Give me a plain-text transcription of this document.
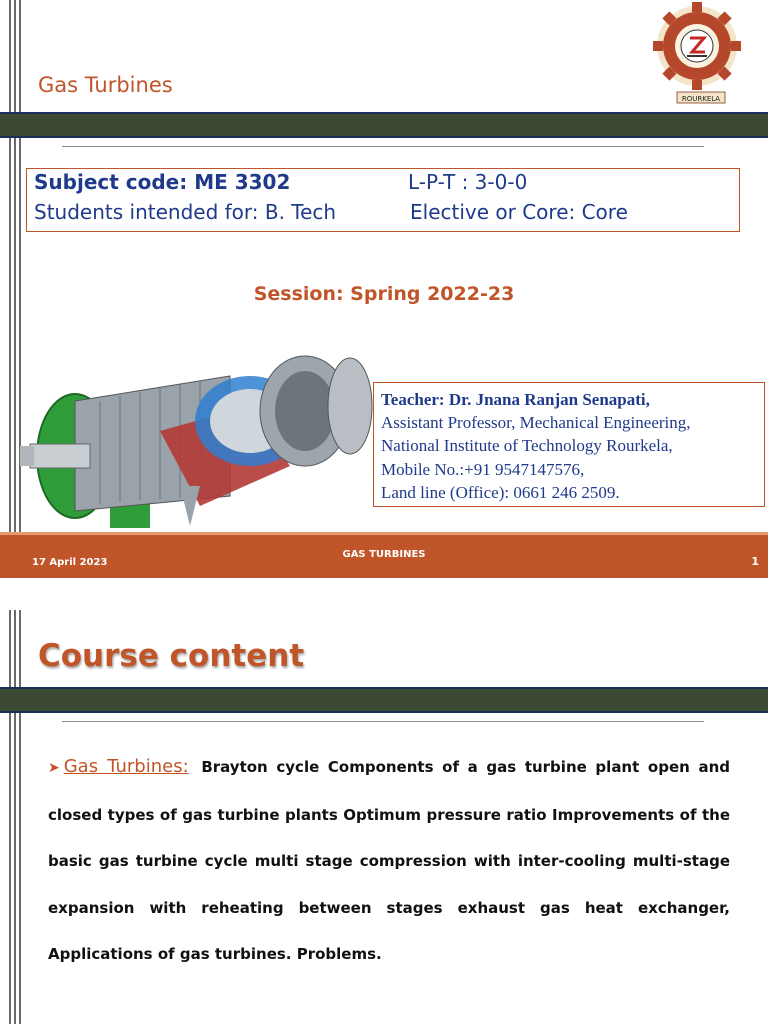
Gas Turbines
ROURKELA
Subject code: ME 3302	L-P-T : 3-0-0
Students intended for: B. Tech	Elective or Core: Core
Session: Spring 2022-23
Teacher: Dr. Jnana Ranjan Senapati,
Assistant Professor, Mechanical Engineering,
National Institute of Technology Rourkela,
Mobile No.:+91 9547147576,
Land line (Office): 0661 246 2509.
17 April 2023
GAS TURBINES
1
Course content
➤ Gas Turbines: Brayton cycle Components of a gas turbine plant open and closed types of gas turbine plants Optimum pressure ratio Improvements of the basic gas turbine cycle multi stage compression with inter-cooling multi-stage expansion with reheating between stages exhaust gas heat exchanger, Applications of gas turbines. Problems.
